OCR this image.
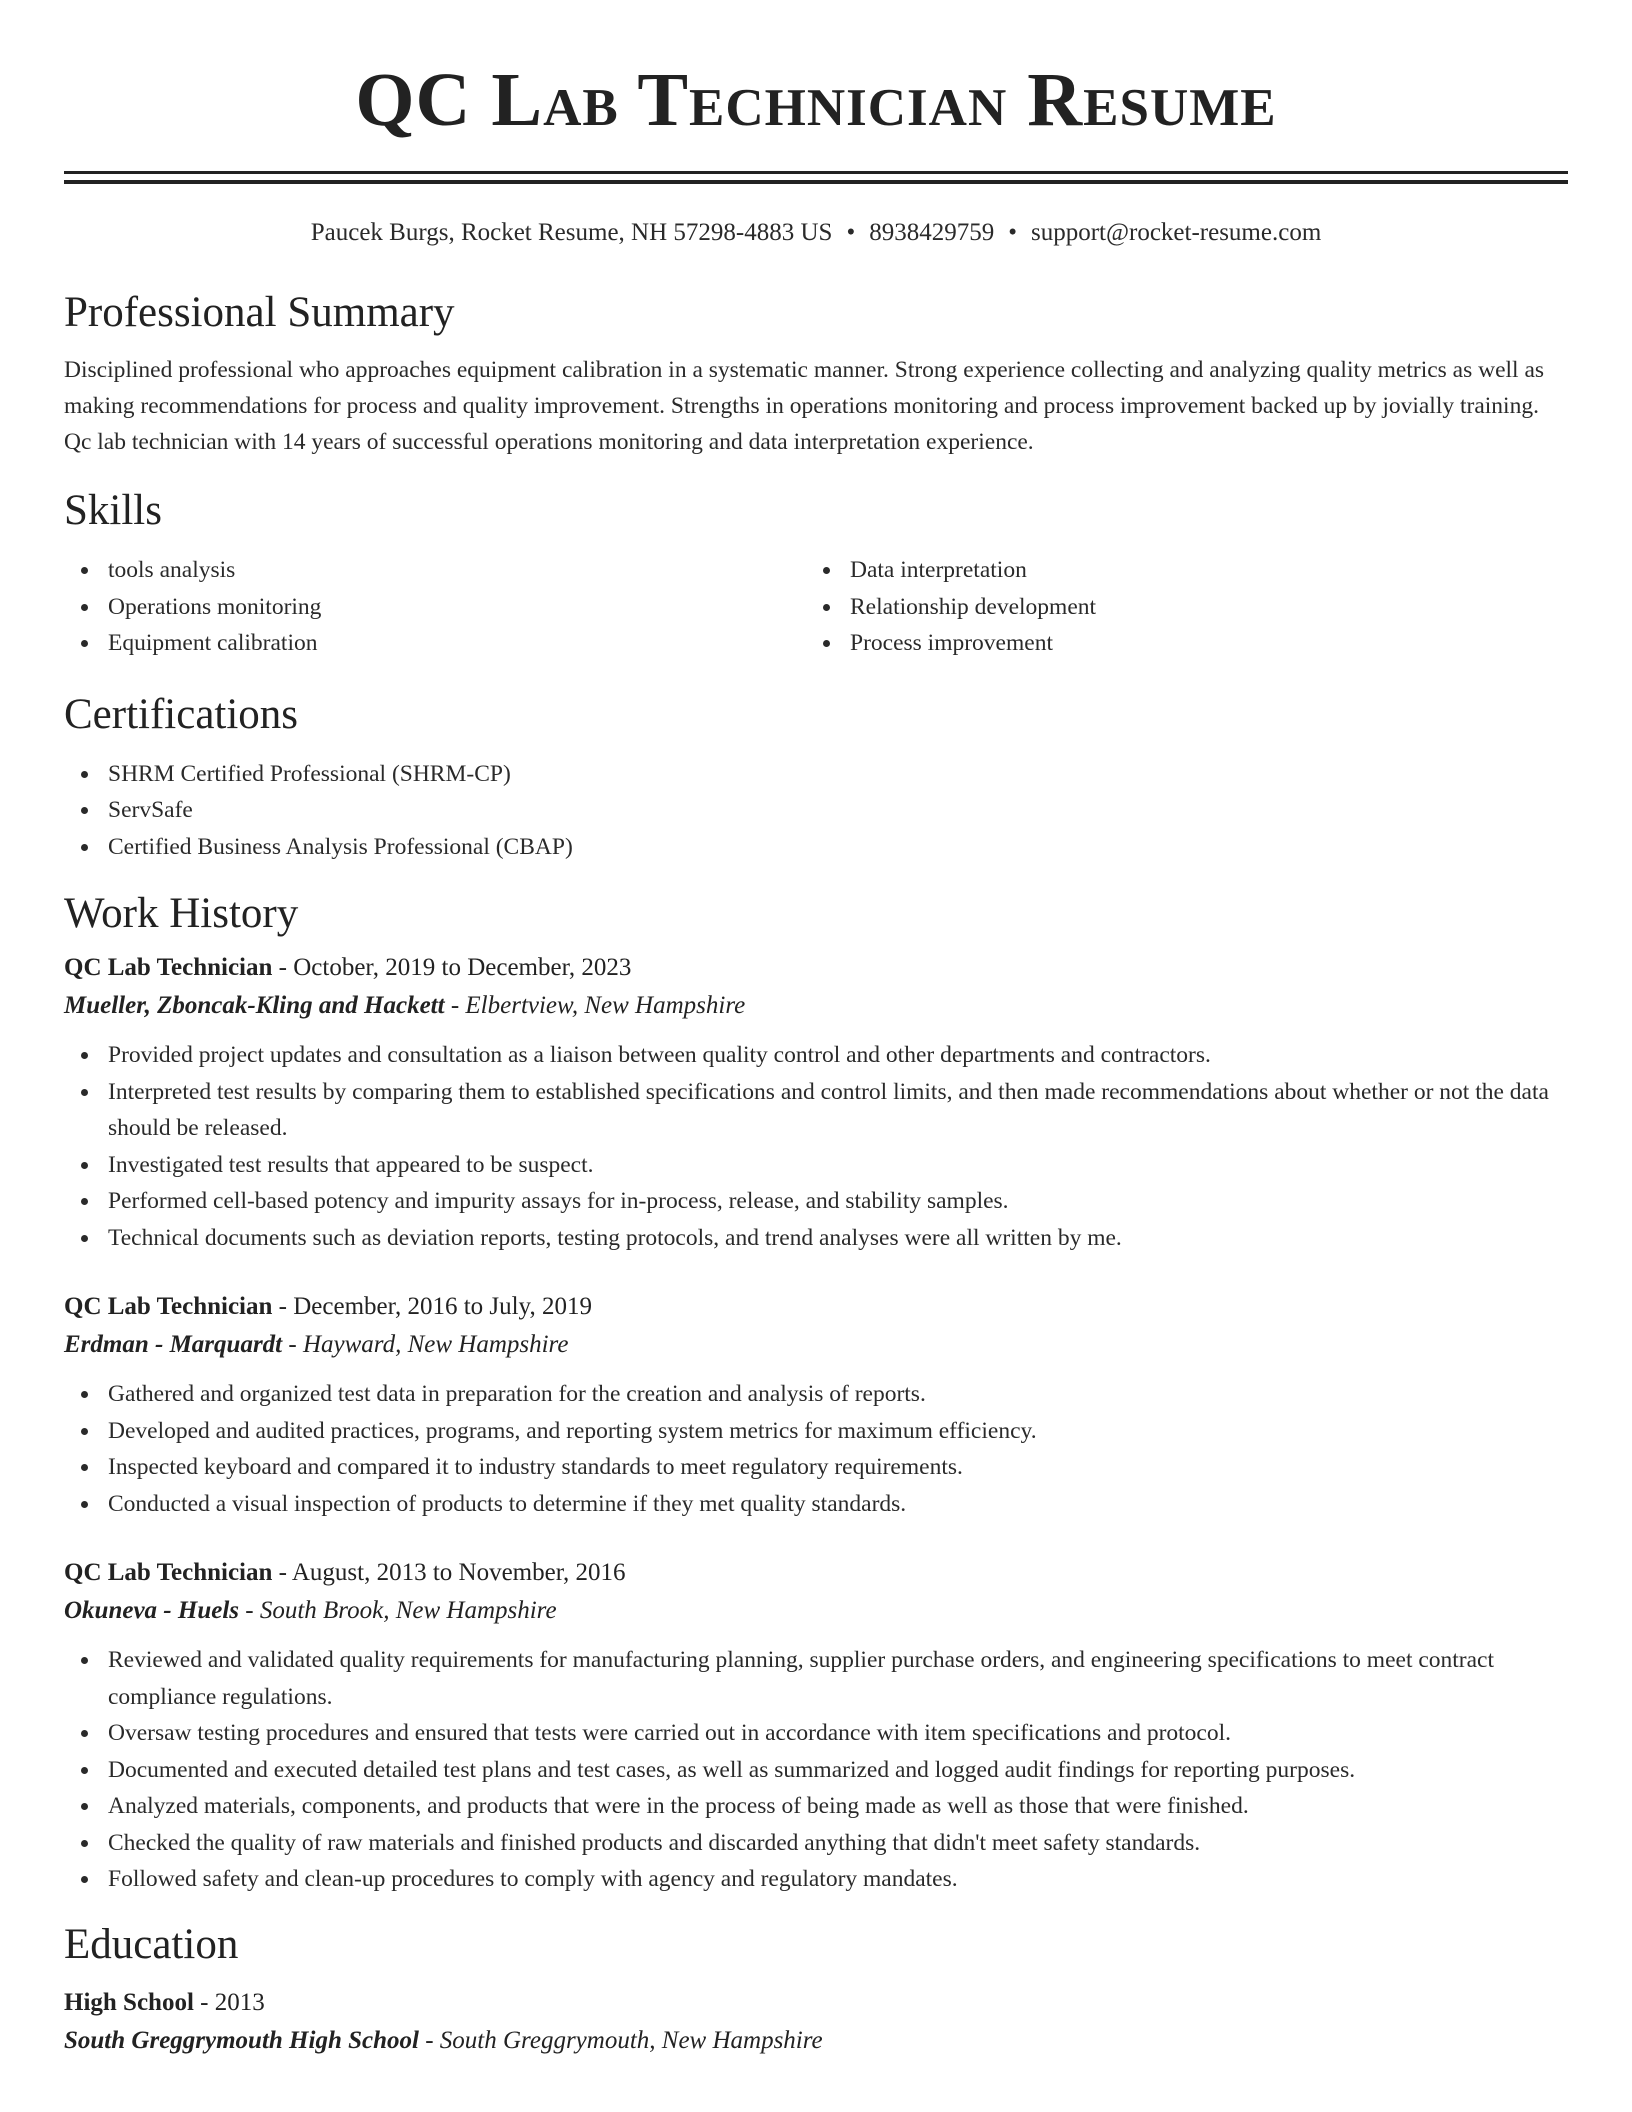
QC Lab Technician Resume
Paucek Burgs, Rocket Resume, NH 57298-4883 US • 8938429759 • support@rocket-resume.com
Professional Summary

Disciplined professional who approaches equipment calibration in a systematic manner. Strong experience collecting and analyzing quality metrics as well as making recommendations for process and quality improvement. Strengths in operations monitoring and process improvement backed up by jovially training. Qc lab technician with 14 years of successful operations monitoring and data interpretation experience.

Skills
tools analysis
Operations monitoring
Equipment calibration
Data interpretation
Relationship development
Process improvement
Certifications
SHRM Certified Professional (SHRM-CP)
ServSafe
Certified Business Analysis Professional (CBAP)
Work History
QC Lab Technician - October, 2019 to December, 2023
Mueller, Zboncak-Kling and Hackett - Elbertview, New Hampshire
Provided project updates and consultation as a liaison between quality control and other departments and contractors.
Interpreted test results by comparing them to established specifications and control limits, and then made recommendations about whether or not the data should be released.
Investigated test results that appeared to be suspect.
Performed cell-based potency and impurity assays for in-process, release, and stability samples.
Technical documents such as deviation reports, testing protocols, and trend analyses were all written by me.
QC Lab Technician - December, 2016 to July, 2019
Erdman - Marquardt - Hayward, New Hampshire
Gathered and organized test data in preparation for the creation and analysis of reports.
Developed and audited practices, programs, and reporting system metrics for maximum efficiency.
Inspected keyboard and compared it to industry standards to meet regulatory requirements.
Conducted a visual inspection of products to determine if they met quality standards.
QC Lab Technician - August, 2013 to November, 2016
Okuneva - Huels - South Brook, New Hampshire
Reviewed and validated quality requirements for manufacturing planning, supplier purchase orders, and engineering specifications to meet contract compliance regulations.
Oversaw testing procedures and ensured that tests were carried out in accordance with item specifications and protocol.
Documented and executed detailed test plans and test cases, as well as summarized and logged audit findings for reporting purposes.
Analyzed materials, components, and products that were in the process of being made as well as those that were finished.
Checked the quality of raw materials and finished products and discarded anything that didn't meet safety standards.
Followed safety and clean-up procedures to comply with agency and regulatory mandates.
Education
High School - 2013
South Greggrymouth High School - South Greggrymouth, New Hampshire
